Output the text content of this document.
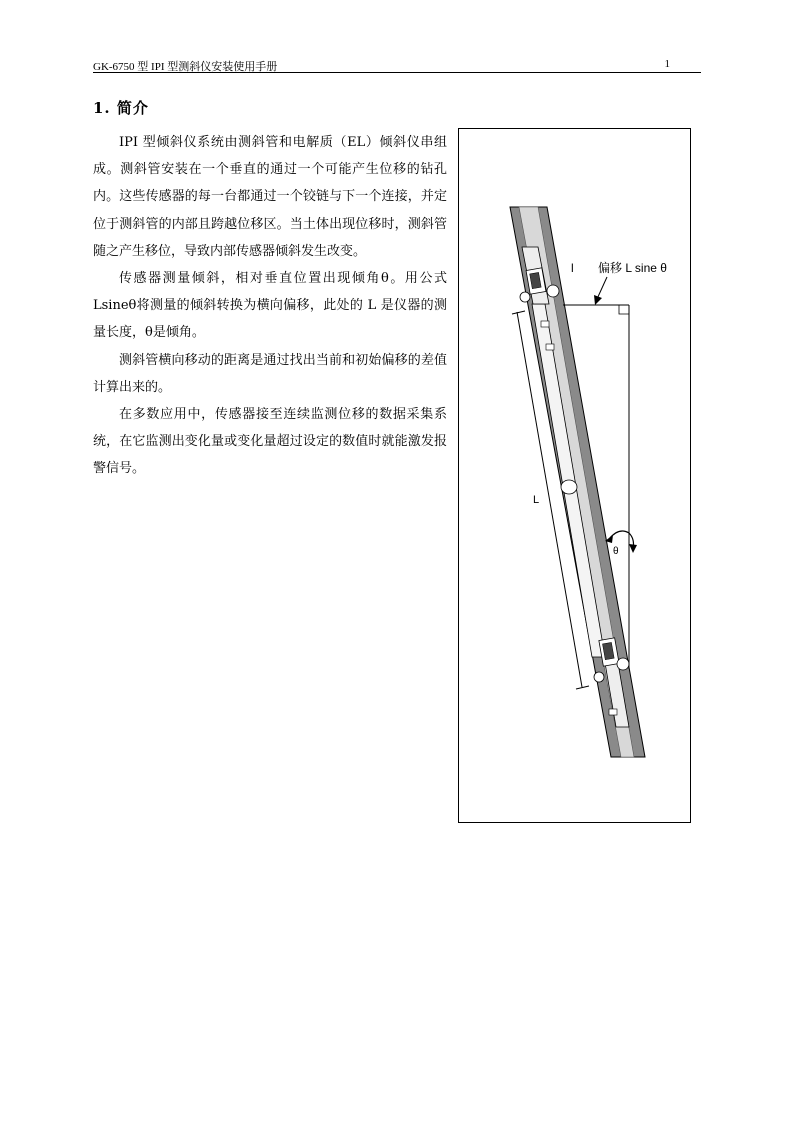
GK-6750 型 IPI 型测斜仪安装使用手册	1
1. 简介

IPI 型倾斜仪系统由测斜管和电解质（EL）倾斜仪串组成。测斜管安装在一个垂直的通过一个可能产生位移的钻孔内。这些传感器的每一台都通过一个铰链与下一个连接，并定位于测斜管的内部且跨越位移区。当土体出现位移时，测斜管随之产生移位，导致内部传感器倾斜发生改变。

传感器测量倾斜，相对垂直位置出现倾角θ。用公式Lsineθ将测量的倾斜转换为横向偏移，此处的 L 是仪器的测量长度，θ是倾角。

测斜管横向移动的距离是通过找出当前和初始偏移的差值计算出来的。

在多数应用中，传感器接至连续监测位移的数据采集系统，在它监测出变化量或变化量超过设定的数值时就能激发报警信号。

l 偏移 L sine θ
L
θ
